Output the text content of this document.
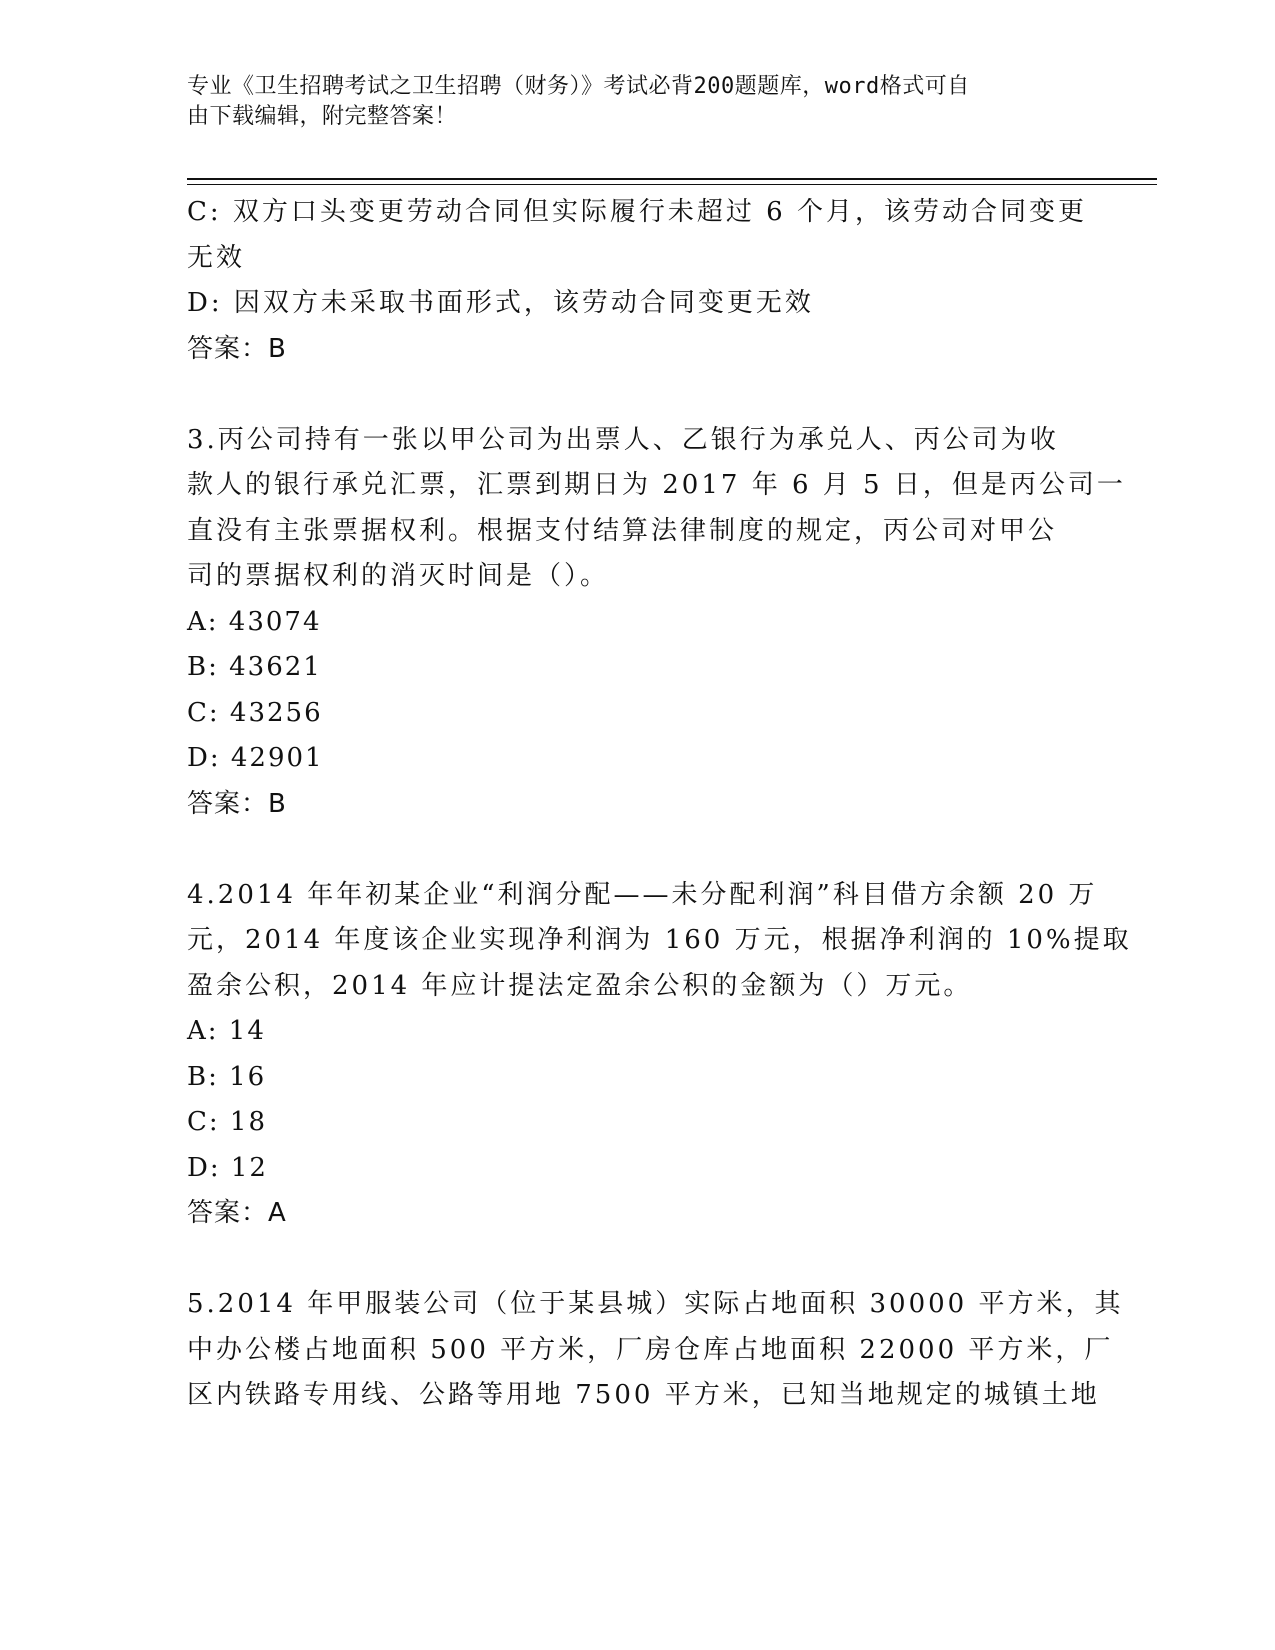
专业《卫生招聘考试之卫生招聘（财务）》考试必背200题题库，word格式可自
由下载编辑，附完整答案！

C: 双方口头变更劳动合同但实际履行未超过 6 个月，该劳动合同变更

无效

D: 因双方未采取书面形式，该劳动合同变更无效

答案：B

3.丙公司持有一张以甲公司为出票人、乙银行为承兑人、丙公司为收

款人的银行承兑汇票，汇票到期日为 2017 年 6 月 5 日，但是丙公司一

直没有主张票据权利。根据支付结算法律制度的规定，丙公司对甲公

司的票据权利的消灭时间是（）。

A: 43074

B: 43621

C: 43256

D: 42901

答案：B

4.2014 年年初某企业“利润分配——未分配利润”科目借方余额 20 万

元，2014 年度该企业实现净利润为 160 万元，根据净利润的 10%提取

盈余公积，2014 年应计提法定盈余公积的金额为（）万元。

A: 14

B: 16

C: 18

D: 12

答案：A

5.2014 年甲服装公司（位于某县城）实际占地面积 30000 平方米，其

中办公楼占地面积 500 平方米，厂房仓库占地面积 22000 平方米，厂

区内铁路专用线、公路等用地 7500 平方米，已知当地规定的城镇土地
